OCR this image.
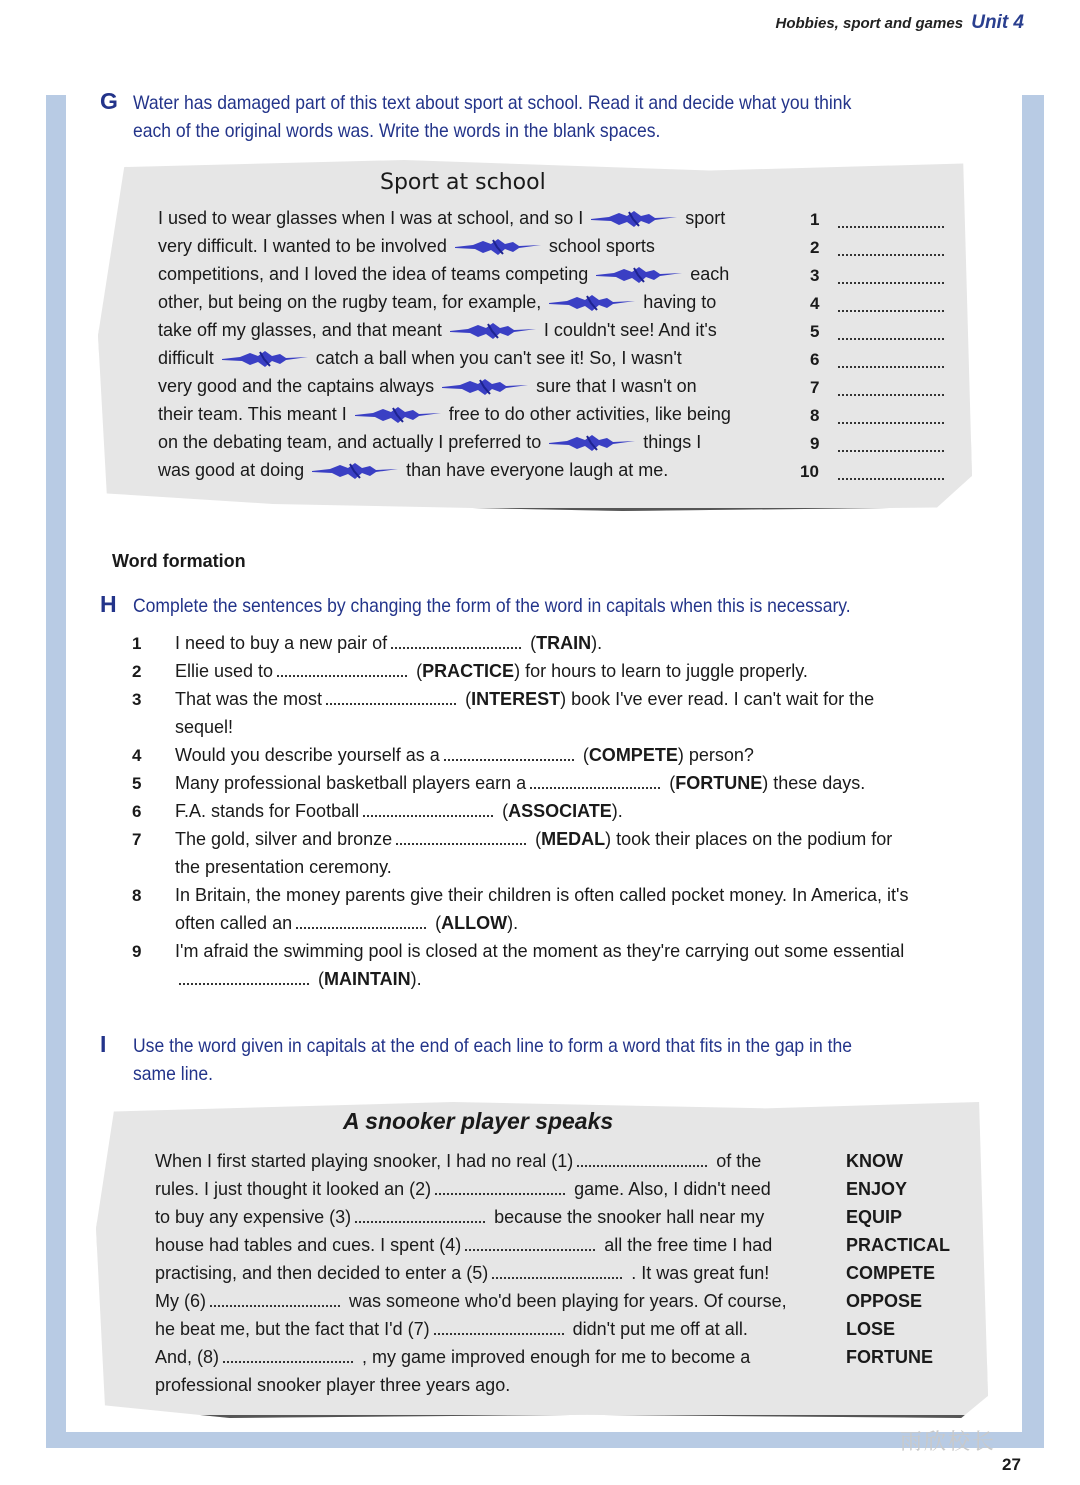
Hobbies, sport and games Unit 4
G Water has damaged part of this text about sport at school. Read it and decide what you think
each of the original words was. Write the words in the blank spaces.
Sport at school
I used to wear glasses when I was at school, and so I	sport	1
very difficult. I wanted to be involved	school sports	2
competitions, and I loved the idea of teams competing	each	3
other, but being on the rugby team, for example,	having to	4
take off my glasses, and that meant	I couldn't see! And it's	5
difficult	catch a ball when you can't see it! So, I wasn't	6
very good and the captains always	sure that I wasn't on	7
their team. This meant I	free to do other activities, like being	8
on the debating team, and actually I preferred to	things I	9
was good at doing	than have everyone laugh at me.	10
Word formation
H Complete the sentences by changing the form of the word in capitals when this is necessary.
1 I need to buy a new pair of	(TRAIN).
2 Ellie used to	(PRACTICE) for hours to learn to juggle properly.
3 That was the most	(INTEREST) book I've ever read. I can't wait for the
sequel!
4 Would you describe yourself as a	(COMPETE) person?
5 Many professional basketball players earn a	(FORTUNE) these days.
6 F.A. stands for Football	(ASSOCIATE).
7 The gold, silver and bronze	(MEDAL) took their places on the podium for
the presentation ceremony.
8 In Britain, the money parents give their children is often called pocket money. In America, it's
often called an	(ALLOW).
9 I'm afraid the swimming pool is closed at the moment as they're carrying out some essential
(MAINTAIN).
I Use the word given in capitals at the end of each line to form a word that fits in the gap in the
same line.
A snooker player speaks
When I first started playing snooker, I had no real (1)	of the	KNOW
rules. I just thought it looked an (2)	game. Also, I didn't need	ENJOY
to buy any expensive (3)	because the snooker hall near my	EQUIP
house had tables and cues. I spent (4)	all the free time I had	PRACTICAL
practising, and then decided to enter a (5)	. It was great fun!	COMPETE
My (6)	was someone who'd been playing for years. Of course,	OPPOSE
he beat me, but the fact that I'd (7)	didn't put me off at all.	LOSE
And, (8)	, my game improved enough for me to become a	FORTUNE
professional snooker player three years ago.
雨欣校长
27
